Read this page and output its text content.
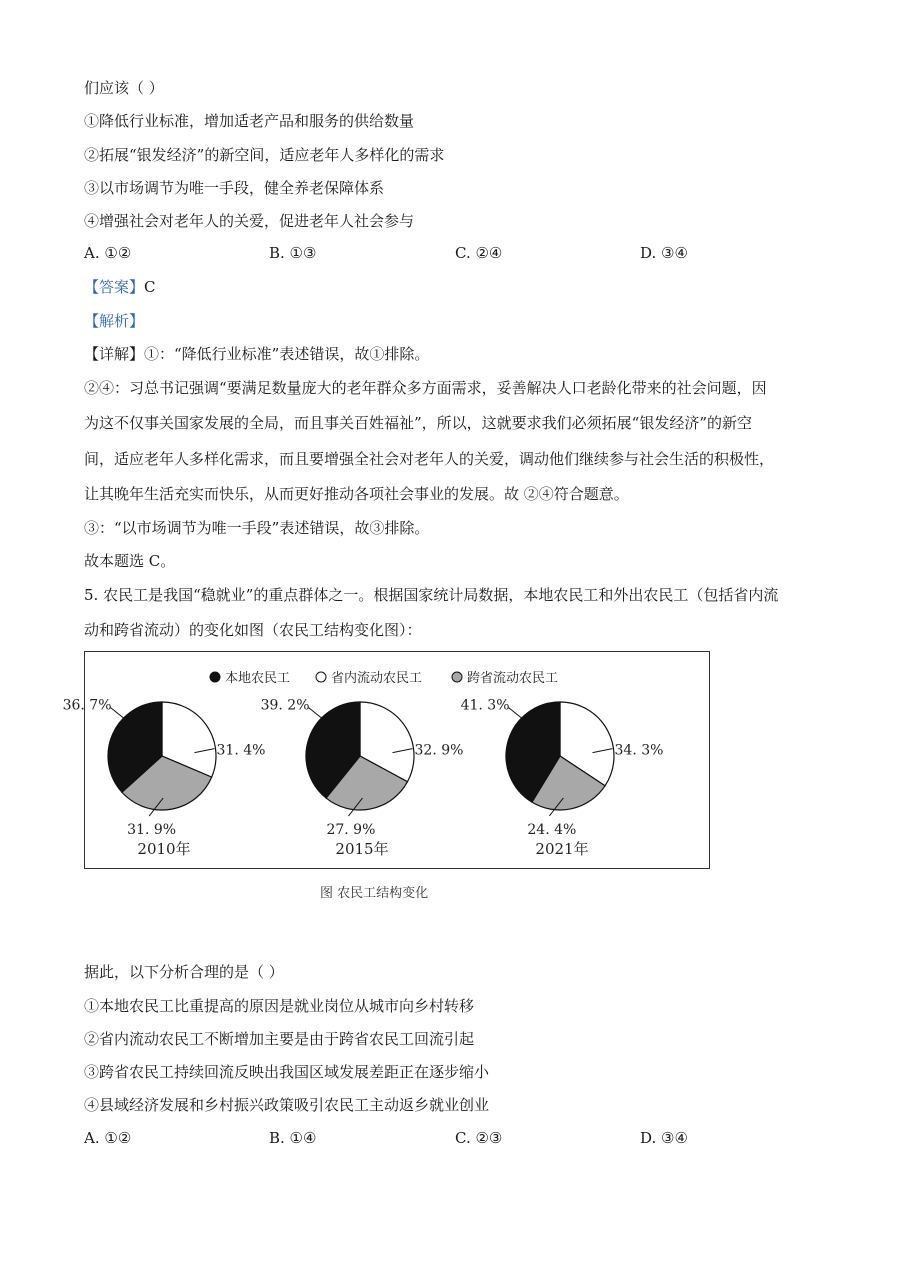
们应该（ ）
①降低行业标准，增加适老产品和服务的供给数量
②拓展“银发经济”的新空间，适应老年人多样化的需求
③以市场调节为唯一手段，健全养老保障体系
④增强社会对老年人的关爱，促进老年人社会参与
A. ①②	B. ①③	C. ②④	D. ③④
【答案】C
【解析】
【详解】①：“降低行业标准”表述错误，故①排除。
②④：习总书记强调“要满足数量庞大的老年群众多方面需求，妥善解决人口老龄化带来的社会问题，因
为这不仅事关国家发展的全局，而且事关百姓福祉”，所以，这就要求我们必须拓展“银发经济”的新空
间，适应老年人多样化需求，而且要增强全社会对老年人的关爱，调动他们继续参与社会生活的积极性，
让其晚年生活充实而快乐，从而更好推动各项社会事业的发展。故 ②④符合题意。
③：“以市场调节为唯一手段”表述错误，故③排除。
故本题选 C。
5. 农民工是我国“稳就业”的重点群体之一。根据国家统计局数据，本地农民工和外出农民工（包括省内流
动和跨省流动）的变化如图（农民工结构变化图）：
本地农民工	省内流动农民工	跨省流动农民工
36. 7%
31. 4%
31. 9%
2010年
39. 2%
32. 9%
27. 9%
2015年
41. 3%
34. 3%
24. 4%
2021年
图 农民工结构变化
据此，以下分析合理的是（ ）
①本地农民工比重提高的原因是就业岗位从城市向乡村转移
②省内流动农民工不断增加主要是由于跨省农民工回流引起
③跨省农民工持续回流反映出我国区域发展差距正在逐步缩小
④县域经济发展和乡村振兴政策吸引农民工主动返乡就业创业
A. ①②	B. ①④	C. ②③	D. ③④
